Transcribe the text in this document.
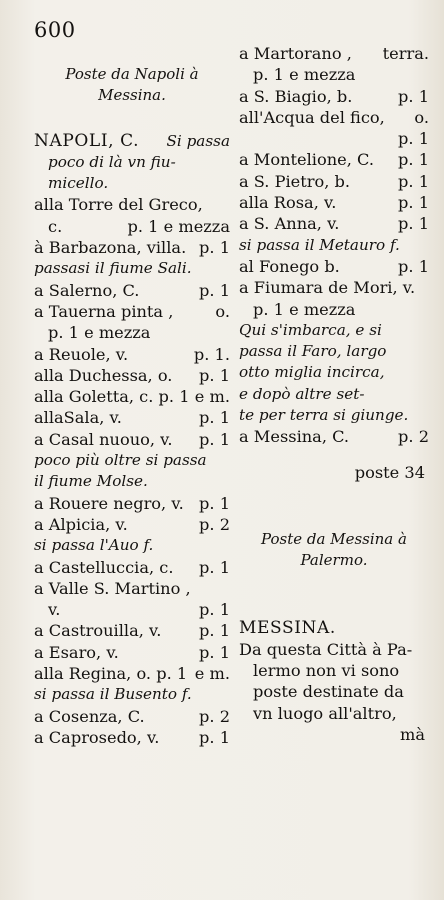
600
Poste da Napoli à
Messina.
NAPOLI, C. Si passa
poco di là vn fiu-
micello.
alla Torre del Greco,
c.	p. 1 e mezza
à Barbazona, villa. p. 1
passasi il fiume Sali.
a Salerno, C.	p. 1
a Tauerna pinta ,	o.
p. 1 e mezza
a Reuole, v.	p. 1.
alla Duchessa, o. p. 1
alla Goletta, c. p. 1 e m.
allaSala, v.	p. 1
a Casal nuouo, v. p. 1
poco più oltre si passa
il fiume Molse.
a Rouere negro, v. p. 1
a Alpicia, v.	p. 2
si passa l'Auo f.
a Castelluccia, c. p. 1
a Valle S. Martino ,
v.	p. 1
a Castrouilla, v. p. 1
a Esaro, v.	p. 1
alla Regina, o. p. 1 e m.
si passa il Busento f.
a Cosenza, C.	p. 2
a Caprosedo, v. p. 1
a Martorano , terra.
p. 1 e mezza
a S. Biagio, b.	p. 1
all'Acqua del fico, o.
p. 1
a Montelione, C. p. 1
a S. Pietro, b.	p. 1
alla Rosa, v.	p. 1
a S. Anna, v.	p. 1
si passa il Metauro f.
al Fonego b.	p. 1
a Fiumara de Mori, v.
p. 1 e mezza
Qui s'imbarca, e si
passa il Faro, largo
otto miglia incirca,
e dopò altre set-
te per terra si giunge.
a Messina, C.	p. 2
poste 34
Poste da Messina à
Palermo.
MESSINA.
Da questa Città à Pa-
lermo non vi sono
poste destinate da
vn luogo all'altro,
mà
